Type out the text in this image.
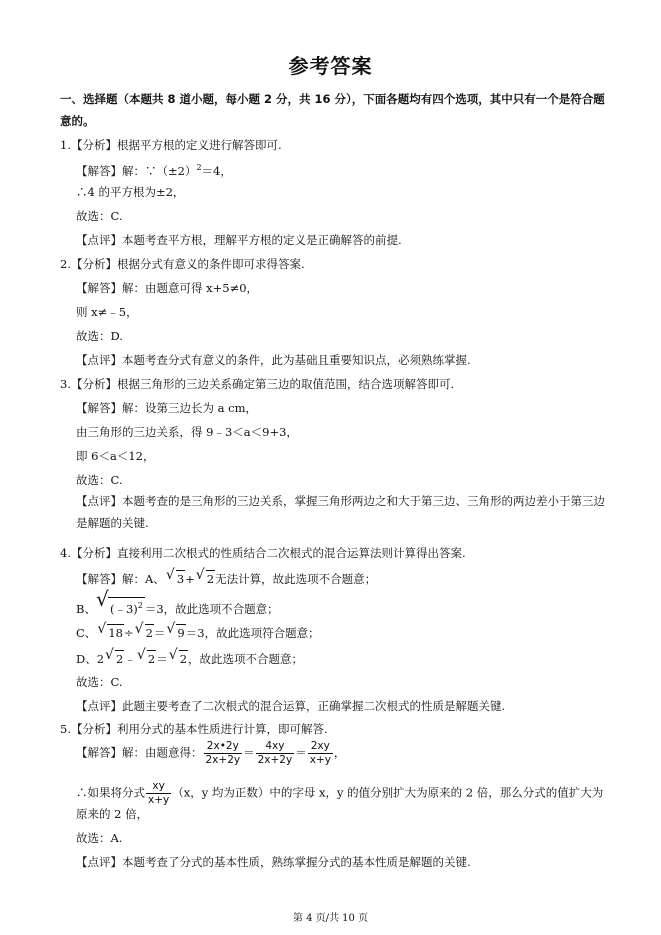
参考答案
一、选择题（本题共 8 道小题，每小题 2 分，共 16 分），下面各题均有四个选项，其中只有一个是符合题意的。
1.【分析】根据平方根的定义进行解答即可.
【解答】解：$\because(\pm 2)^2=4$，
∴4 的平方根为±2，
故选：C.
【点评】本题考查平方根，理解平方根的定义是正确解答的前提.
2.【分析】根据分式有意义的条件即可求得答案.
【解答】解：由题意可得 x+5≠0，
则 x≠﹣5，
故选：D.
【点评】本题考查分式有意义的条件，此为基础且重要知识点，必须熟练掌握.
3.【分析】根据三角形的三边关系确定第三边的取值范围，结合选项解答即可.
【解答】解：设第三边长为 a cm，
由三角形的三边关系，得 9﹣3＜a＜9+3，
即 6＜a＜12，
故选：C.
【点评】本题考查的是三角形的三边关系，掌握三角形两边之和大于第三边、三角形的两边差小于第三边是解题的关键.
4.【分析】直接利用二次根式的性质结合二次根式的混合运算法则计算得出答案.
【解答】解：A、 √ 3+ √ 2无法计算，故此选项不合题意；
B、 √ (﹣3)$^2$ ＝3，故此选项不合题意；
C、 √ 18÷ √ 2＝ √ 9＝3，故此选项符合题意；
D、2 √ 2﹣ √ 2＝ √ 2，故此选项不合题意；
故选：C.
【点评】此题主要考查了二次根式的混合运算，正确掌握二次根式的性质是解题关键.
5.【分析】利用分式的基本性质进行计算，即可解答.
【解答】解：由题意得： $\frac{2x•2y}{2x+2y} = \frac{4xy}{2x+2y} = \frac{2xy}{x+y}$ ，
∴如果将分式 $\frac{xy}{x+y} (x$，y 均为正数）中的字母 x，y 的值分别扩大为原来的 2 倍，那么分式的值扩大为
原来的 2 倍，
故选：A.
【点评】本题考查了分式的基本性质，熟练掌握分式的基本性质是解题的关键.
第 4 页/共 10 页
